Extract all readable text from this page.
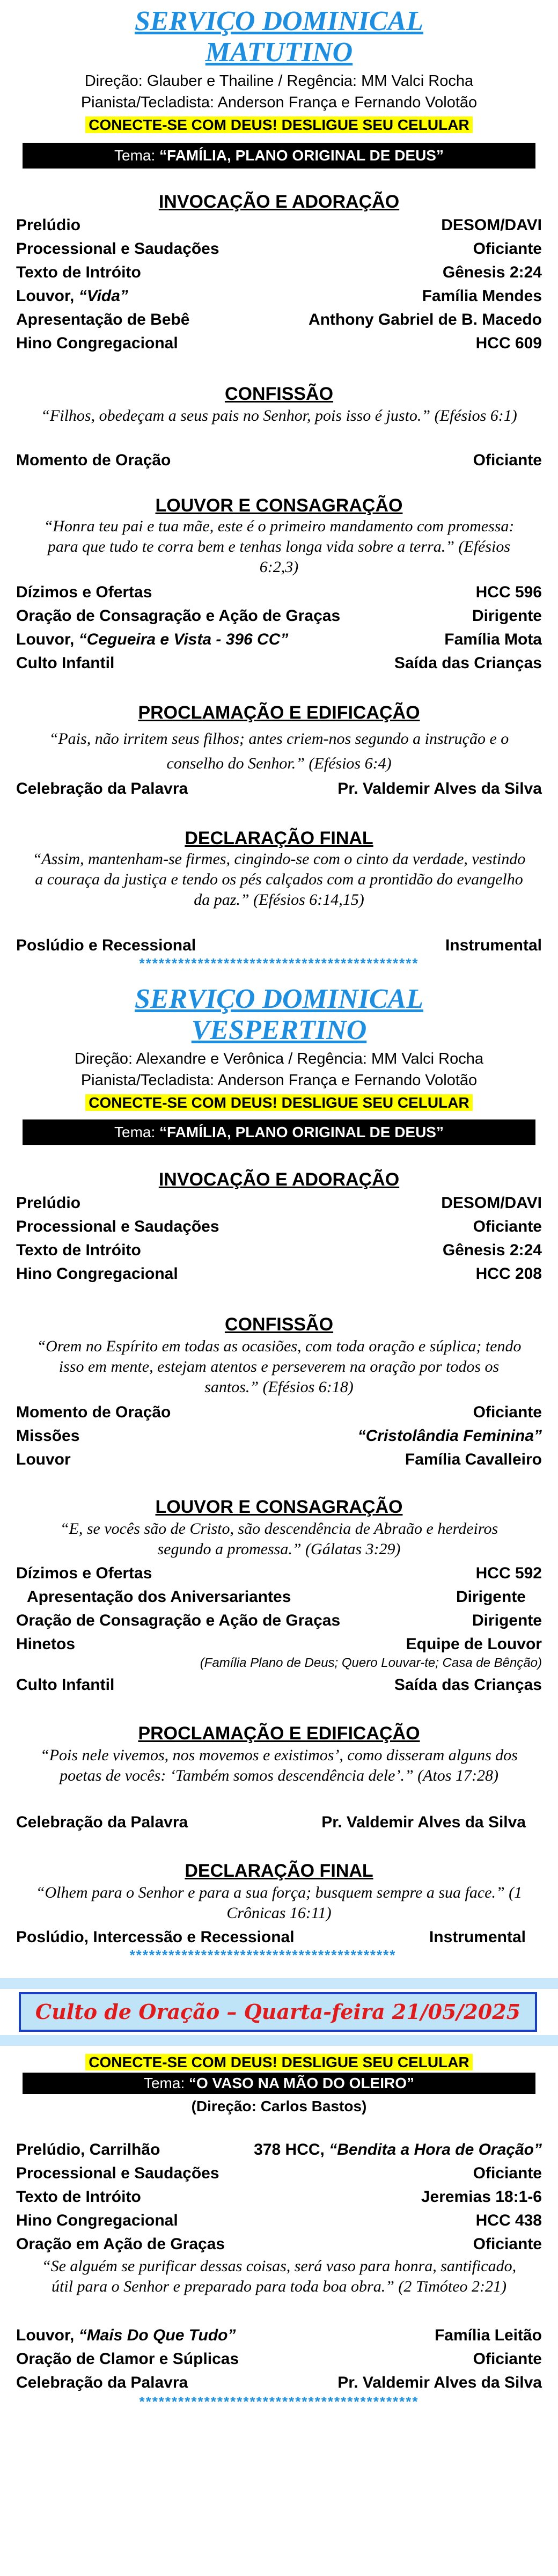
SERVIÇO DOMINICAL
MATUTINO
Direção: Glauber e Thailine / Regência: MM Valci Rocha
Pianista/Tecladista: Anderson França e Fernando Volotão
CONECTE-SE COM DEUS! DESLIGUE SEU CELULAR
Tema: “FAMÍLIA, PLANO ORIGINAL DE DEUS”
INVOCAÇÃO E ADORAÇÃO
Prelúdio	DESOM/DAVI
Processional e Saudações	Oficiante
Texto de Intróito	Gênesis 2:24
Louvor, “Vida”	Família Mendes
Apresentação de Bebê	Anthony Gabriel de B. Macedo
Hino Congregacional	HCC 609
CONFISSÃO
“Filhos, obedeçam a seus pais no Senhor, pois isso é justo.” (Efésios 6:1)
Momento de Oração	Oficiante
LOUVOR E CONSAGRAÇÃO
“Honra teu pai e tua mãe, este é o primeiro mandamento com promessa: para que tudo te corra bem e tenhas longa vida sobre a terra.” (Efésios 6:2,3)
Dízimos e Ofertas	HCC 596
Oração de Consagração e Ação de Graças	Dirigente
Louvor, “Cegueira e Vista - 396 CC”	Família Mota
Culto Infantil	Saída das Crianças
PROCLAMAÇÃO E EDIFICAÇÃO
“Pais, não irritem seus filhos; antes criem-nos segundo a instrução e o conselho do Senhor.” (Efésios 6:4)
Celebração da Palavra	Pr. Valdemir Alves da Silva
DECLARAÇÃO FINAL
“Assim, mantenham-se firmes, cingindo-se com o cinto da verdade, vestindo a couraça da justiça e tendo os pés calçados com a prontidão do evangelho da paz.” (Efésios 6:14,15)
Poslúdio e Recessional	Instrumental
*******************************************
SERVIÇO DOMINICAL
VESPERTINO
Direção: Alexandre e Verônica / Regência: MM Valci Rocha
Pianista/Tecladista: Anderson França e Fernando Volotão
CONECTE-SE COM DEUS! DESLIGUE SEU CELULAR
Tema: “FAMÍLIA, PLANO ORIGINAL DE DEUS”
INVOCAÇÃO E ADORAÇÃO
Prelúdio	DESOM/DAVI
Processional e Saudações	Oficiante
Texto de Intróito	Gênesis 2:24
Hino Congregacional	HCC 208
CONFISSÃO
“Orem no Espírito em todas as ocasiões, com toda oração e súplica; tendo isso em mente, estejam atentos e perseverem na oração por todos os santos.” (Efésios 6:18)
Momento de Oração	Oficiante
Missões	“Cristolândia Feminina”
Louvor	Família Cavalleiro
LOUVOR E CONSAGRAÇÃO
“E, se vocês são de Cristo, são descendência de Abraão e herdeiros segundo a promessa.” (Gálatas 3:29)
Dízimos e Ofertas	HCC 592
Apresentação dos Aniversariantes	Dirigente
Oração de Consagração e Ação de Graças	Dirigente
Hinetos	Equipe de Louvor
(Família Plano de Deus; Quero Louvar-te; Casa de Bênção)
Culto Infantil	Saída das Crianças
PROCLAMAÇÃO E EDIFICAÇÃO
“Pois nele vivemos, nos movemos e existimos’, como disseram alguns dos poetas de vocês: ‘Também somos descendência dele’.” (Atos 17:28)
Celebração da Palavra	Pr. Valdemir Alves da Silva
DECLARAÇÃO FINAL
“Olhem para o Senhor e para a sua força; busquem sempre a sua face.” (1 Crônicas 16:11)
Poslúdio, Intercessão e Recessional	Instrumental
*****************************************
Culto de Oração – Quarta-feira 21/05/2025
CONECTE-SE COM DEUS! DESLIGUE SEU CELULAR
Tema: “O VASO NA MÃO DO OLEIRO”
(Direção: Carlos Bastos)
Prelúdio, Carrilhão	378 HCC, “Bendita a Hora de Oração”
Processional e Saudações	Oficiante
Texto de Intróito	Jeremias 18:1-6
Hino Congregacional	HCC 438
Oração em Ação de Graças	Oficiante
“Se alguém se purificar dessas coisas, será vaso para honra, santificado, útil para o Senhor e preparado para toda boa obra.” (2 Timóteo 2:21)
Louvor, “Mais Do Que Tudo”	Família Leitão
Oração de Clamor e Súplicas	Oficiante
Celebração da Palavra	Pr. Valdemir Alves da Silva
*******************************************
